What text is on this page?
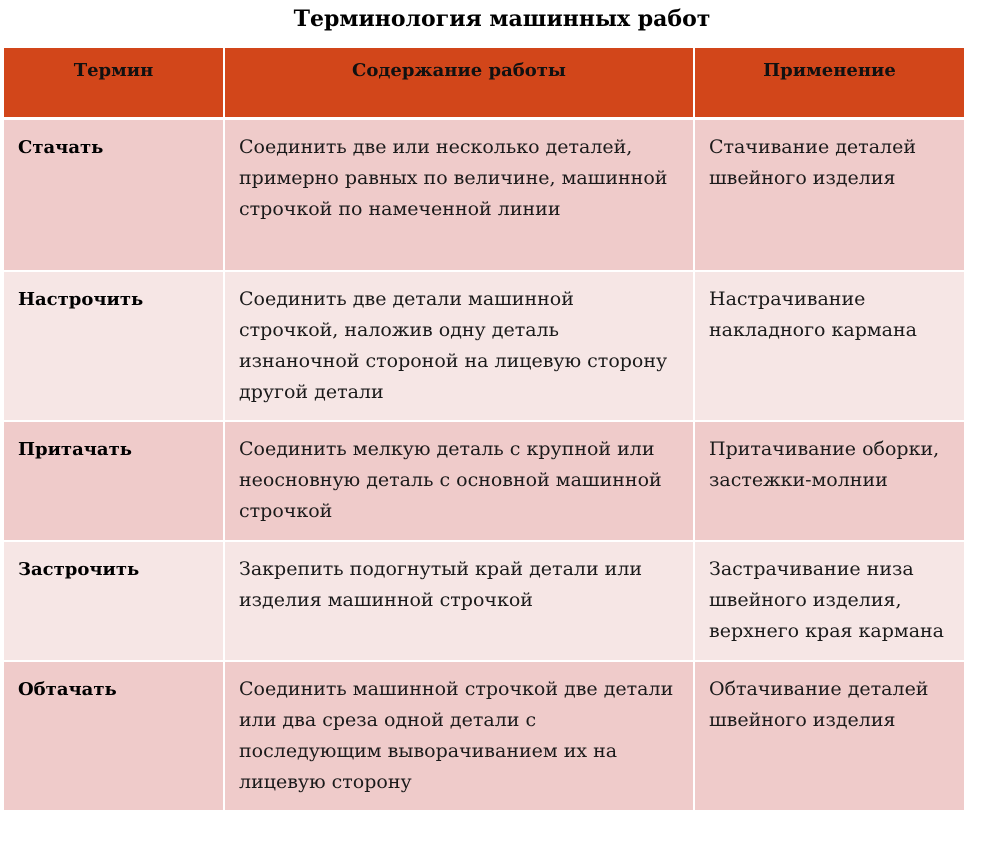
Терминология машинных работ
Термин	Содержание работы	Применение
Стачать	Соединить две или несколько деталей, примерно равных по величине, машинной строчкой по намеченной линии	Стачивание деталей швейного изделия
Настрочить	Соединить две детали машинной строчкой, наложив одну деталь изнаночной стороной на лицевую сторону другой детали	Настрачивание накладного кармана
Притачать	Соединить мелкую деталь с крупной или неосновную деталь с основной машинной строчкой	Притачивание оборки, застежки-молнии
Застрочить	Закрепить подогнутый край детали или изделия машинной строчкой	Застрачивание низа швейного изделия, верхнего края кармана
Обтачать	Соединить машинной строчкой две детали или два среза одной детали с последующим выворачиванием их на лицевую сторону	Обтачивание деталей швейного изделия
